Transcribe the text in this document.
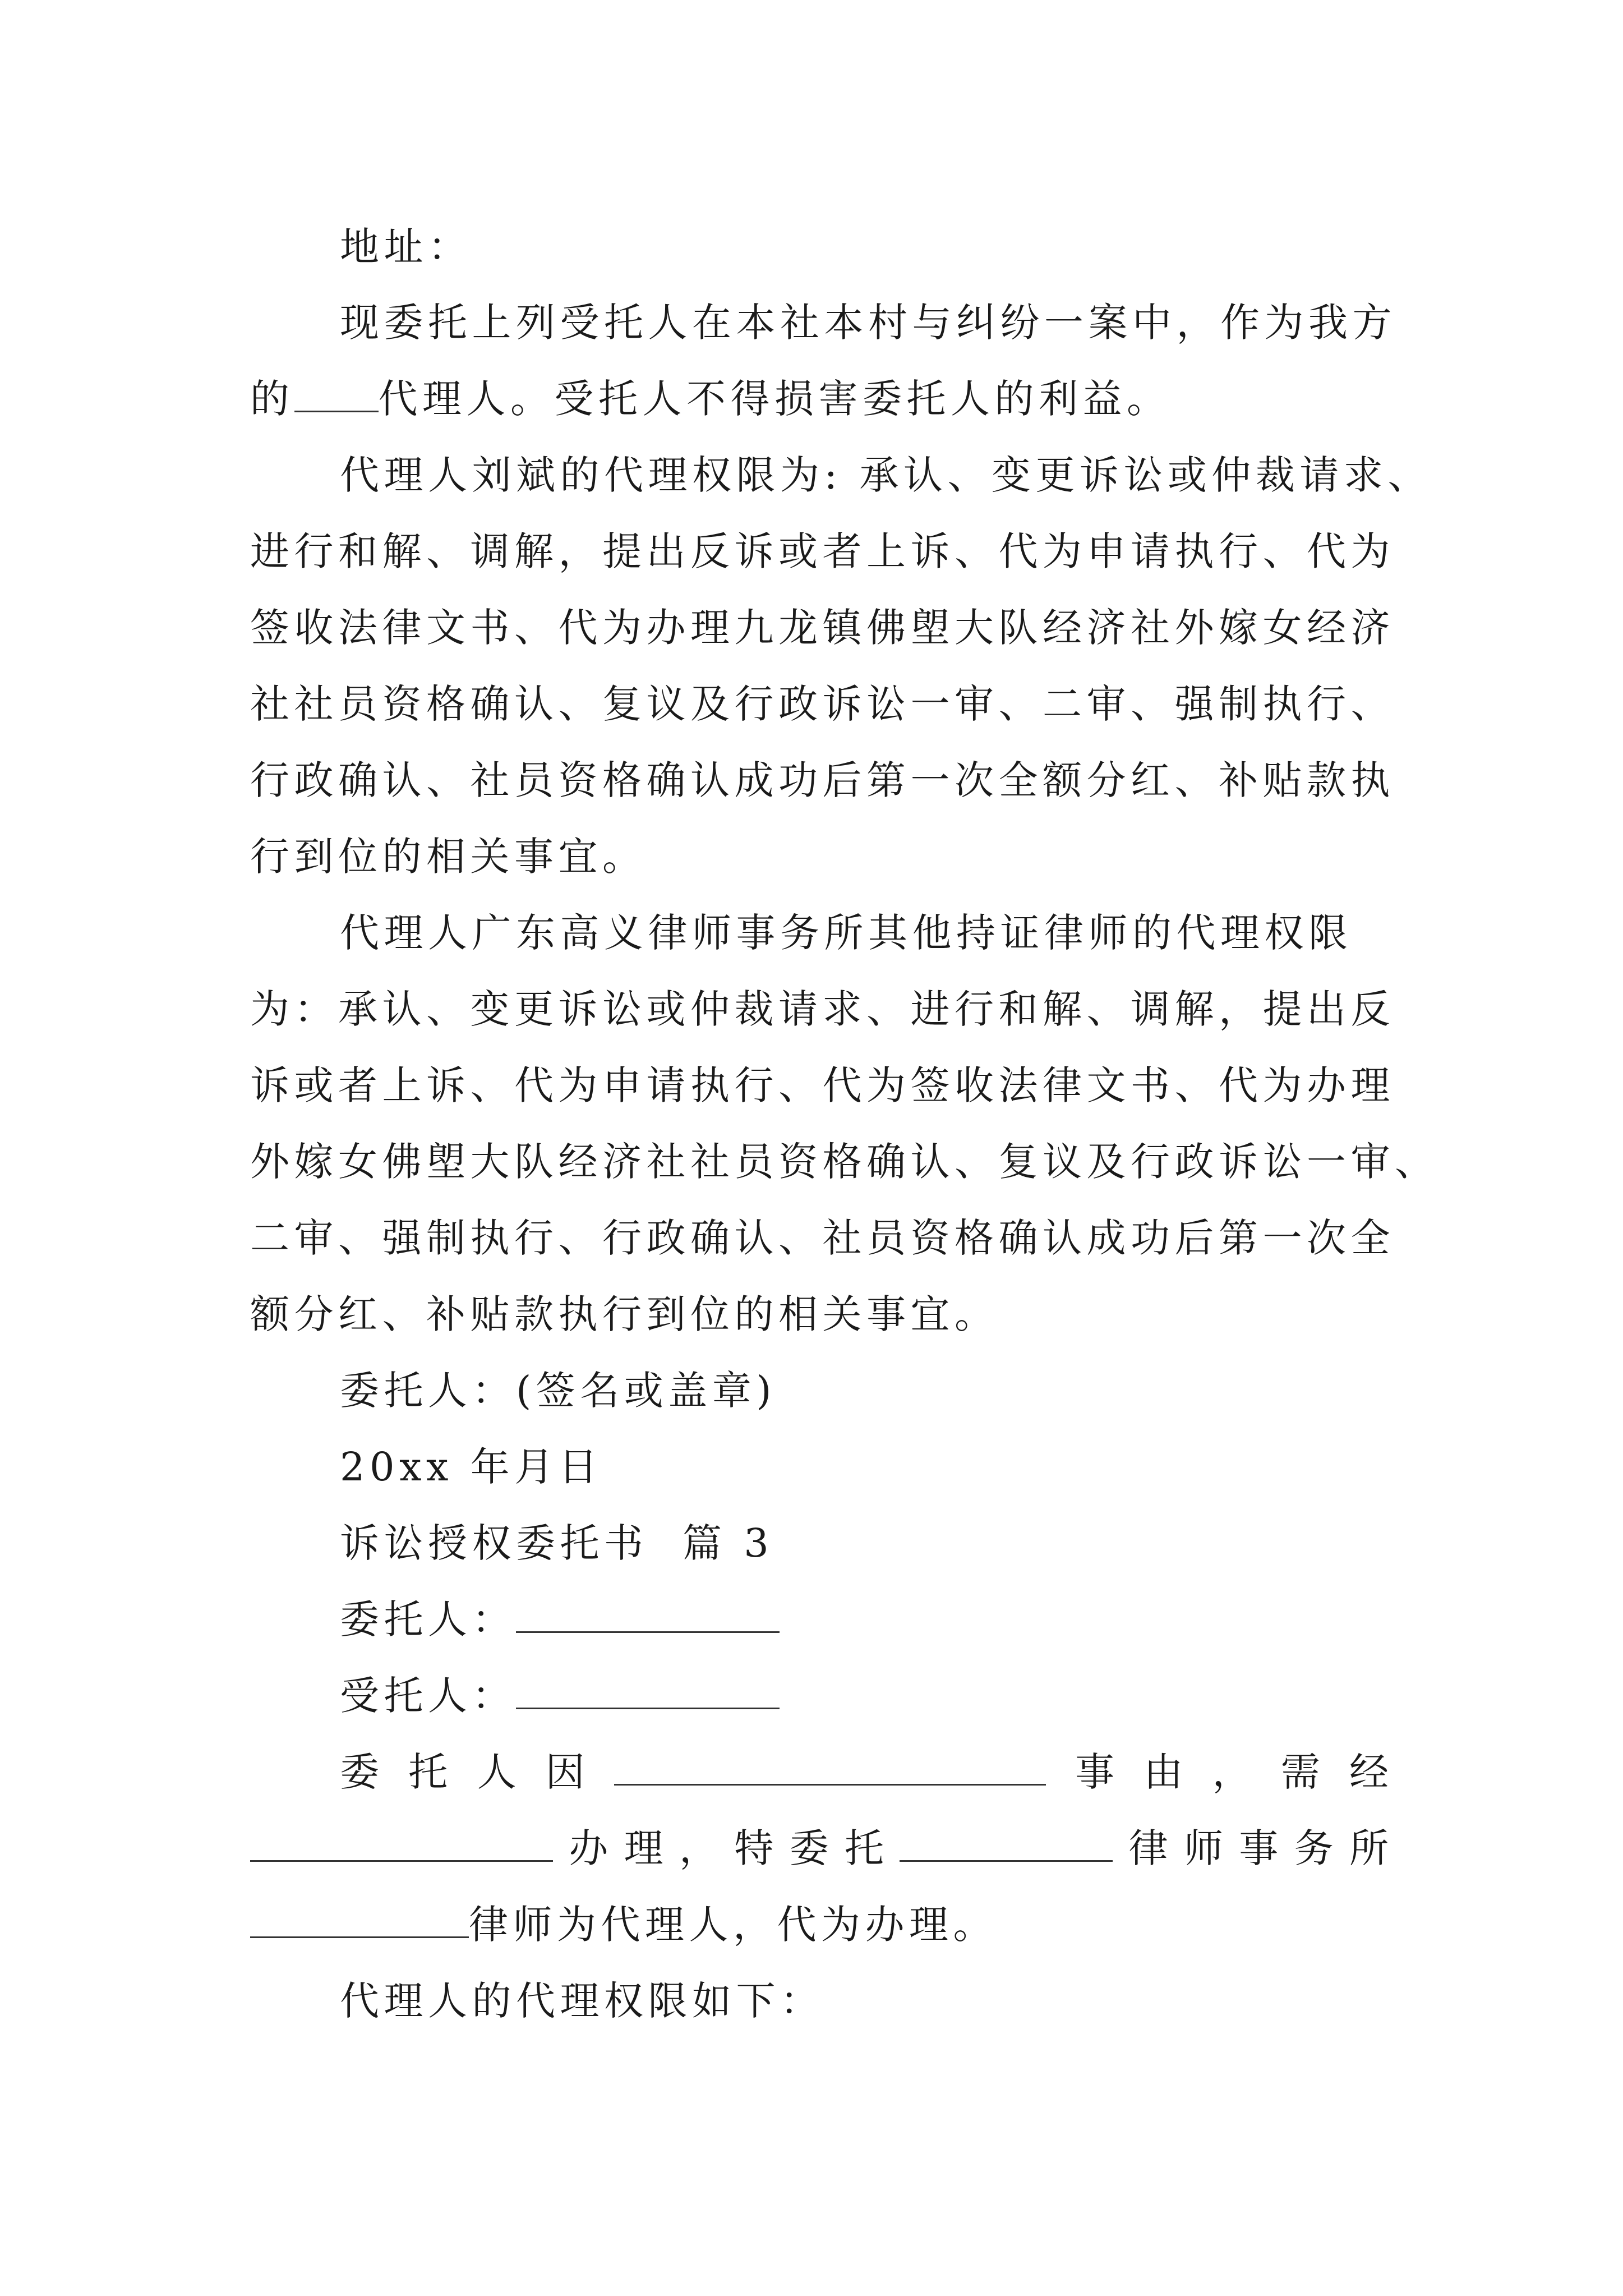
地址：
现委托上列受托人在本社本村与纠纷一案中，作为我方
的 代理人。受托人不得损害委托人的利益。
代理人刘斌的代理权限为: 承认、变更诉讼或仲裁请求、
进行和解、调解，提出反诉或者上诉、代为申请执行、代为
签收法律文书、代为办理九龙镇佛塱大队经济社外嫁女经济
社社员资格确认、复议及行政诉讼一审、二审、强制执行、
行政确认、社员资格确认成功后第一次全额分红、补贴款执
行到位的相关事宜。
代理人广东高义律师事务所其他持证律师的代理权限
为：承认、变更诉讼或仲裁请求、进行和解、调解，提出反
诉或者上诉、代为申请执行、代为签收法律文书、代为办理
外嫁女佛塱大队经济社社员资格确认、复议及行政诉讼一审、
二审、强制执行、行政确认、社员资格确认成功后第一次全
额分红、补贴款执行到位的相关事宜。
委托人：(签名或盖章)
20xx 年月日
诉讼授权委托书  篇 3
委托人：
受托人：
委 托 人 因	事 由 ， 需 经
办 理 ， 特 委 托	律 师 事 务 所
律师为代理人，代为办理。
代理人的代理权限如下：
